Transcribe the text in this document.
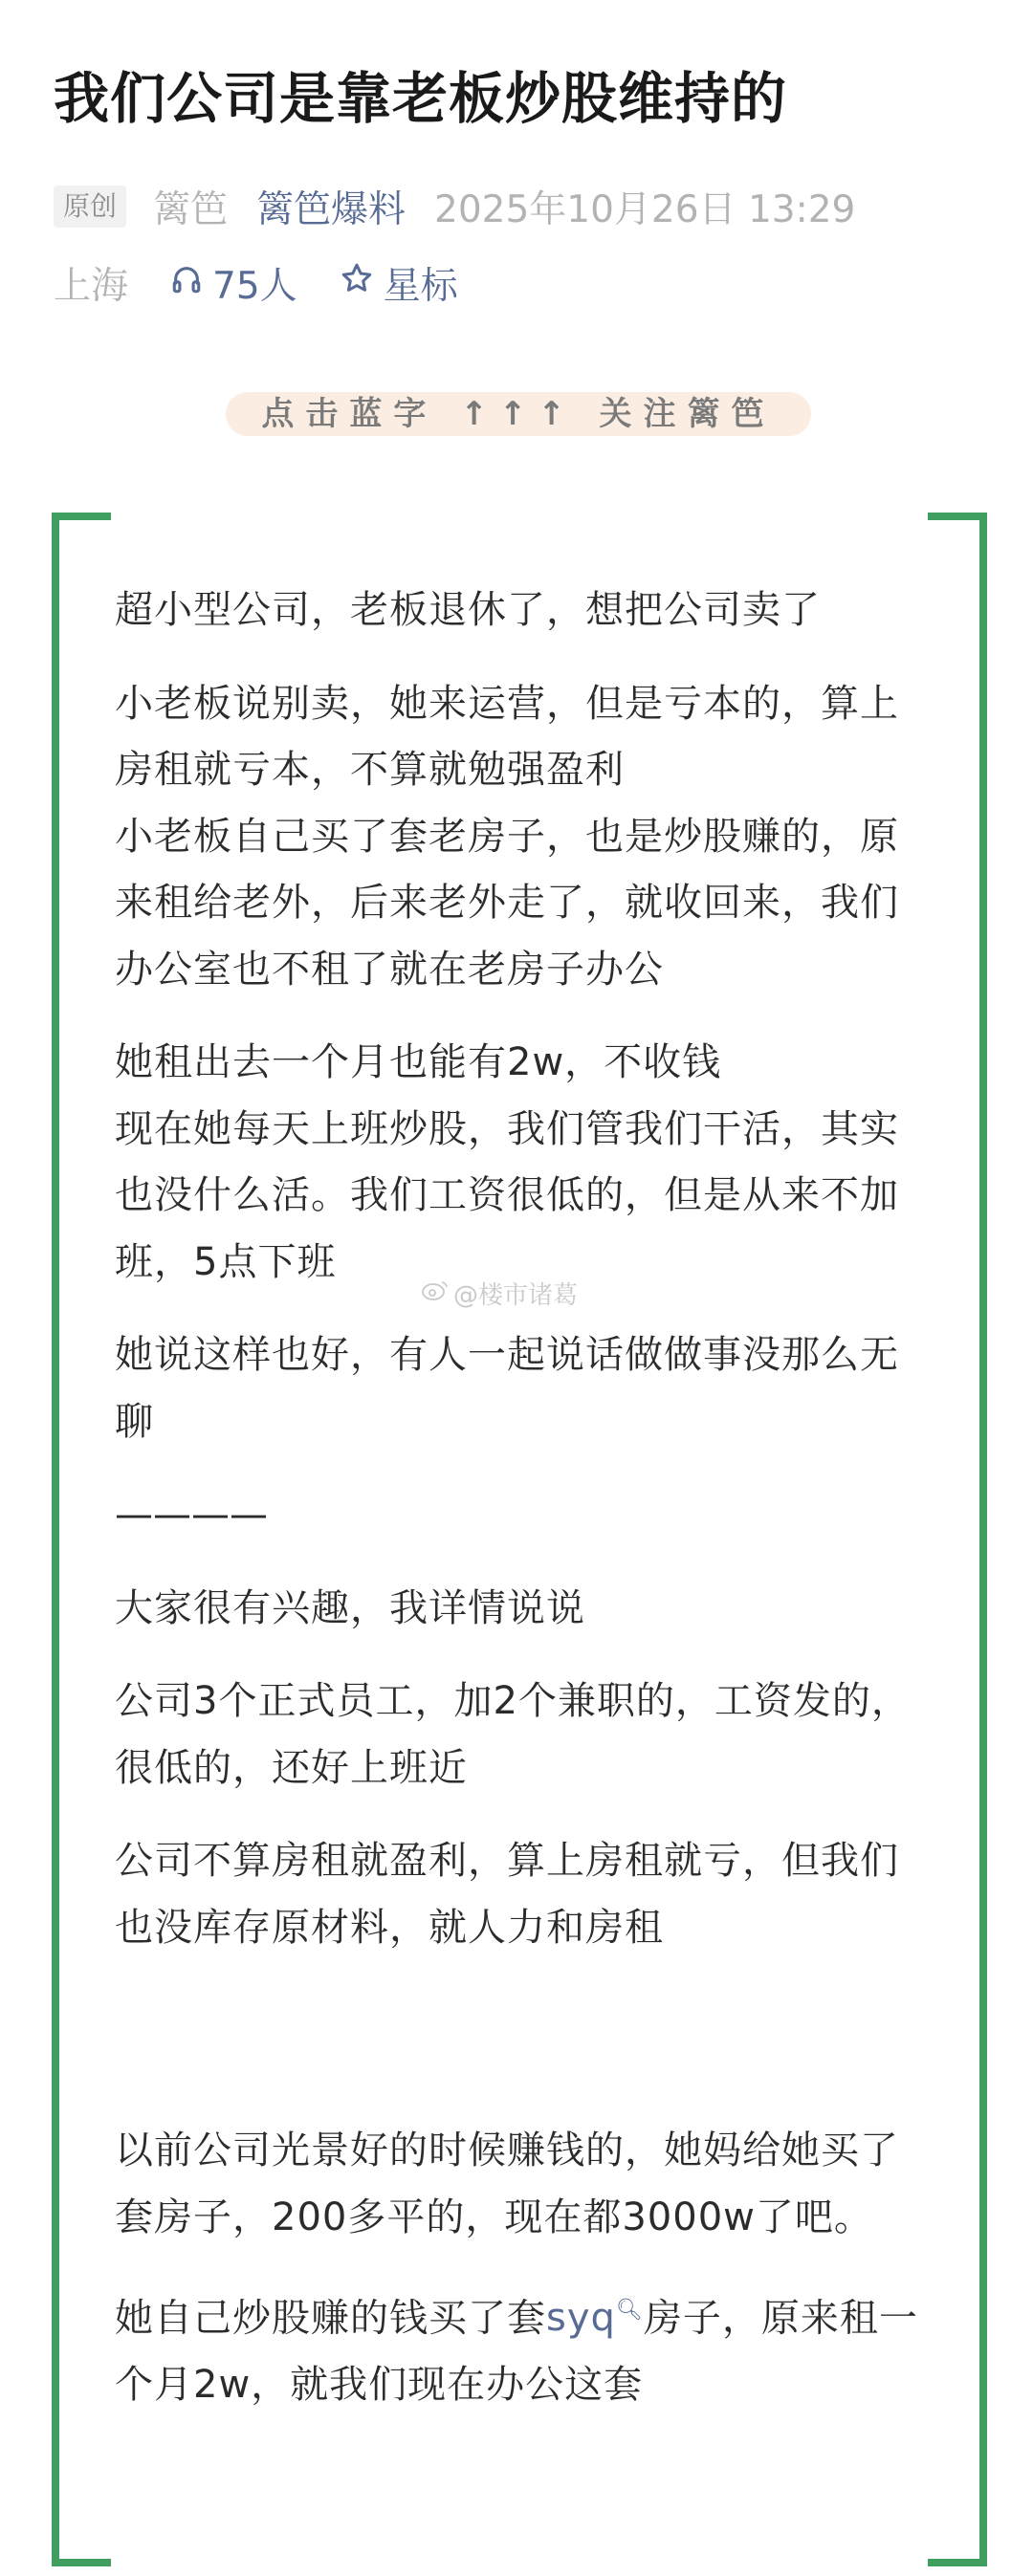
我们公司是靠老板炒股维持的
原创 篱笆 篱笆爆料 2025年10月26日 13:29
上海 75人 星标
点击蓝字 ↑↑↑ 关注篱笆

超小型公司，老板退休了，想把公司卖了

小老板说别卖，她来运营，但是亏本的，算上房租就亏本，不算就勉强盈利

小老板自己买了套老房子，也是炒股赚的，原来租给老外，后来老外走了，就收回来，我们办公室也不租了就在老房子办公

她租出去一个月也能有2w，不收钱

现在她每天上班炒股，我们管我们干活，其实也没什么活。我们工资很低的，但是从来不加班，5点下班

她说这样也好，有人一起说话做做事没那么无聊

————

大家很有兴趣，我详情说说

公司3个正式员工，加2个兼职的，工资发的，很低的，还好上班近

公司不算房租就盈利，算上房租就亏，但我们也没库存原材料，就人力和房租

以前公司光景好的时候赚钱的，她妈给她买了套房子，200多平的，现在都3000w了吧。

她自己炒股赚的钱买了套syq🔍︎房子，原来租一个月2w，就我们现在办公这套

@楼市诸葛
